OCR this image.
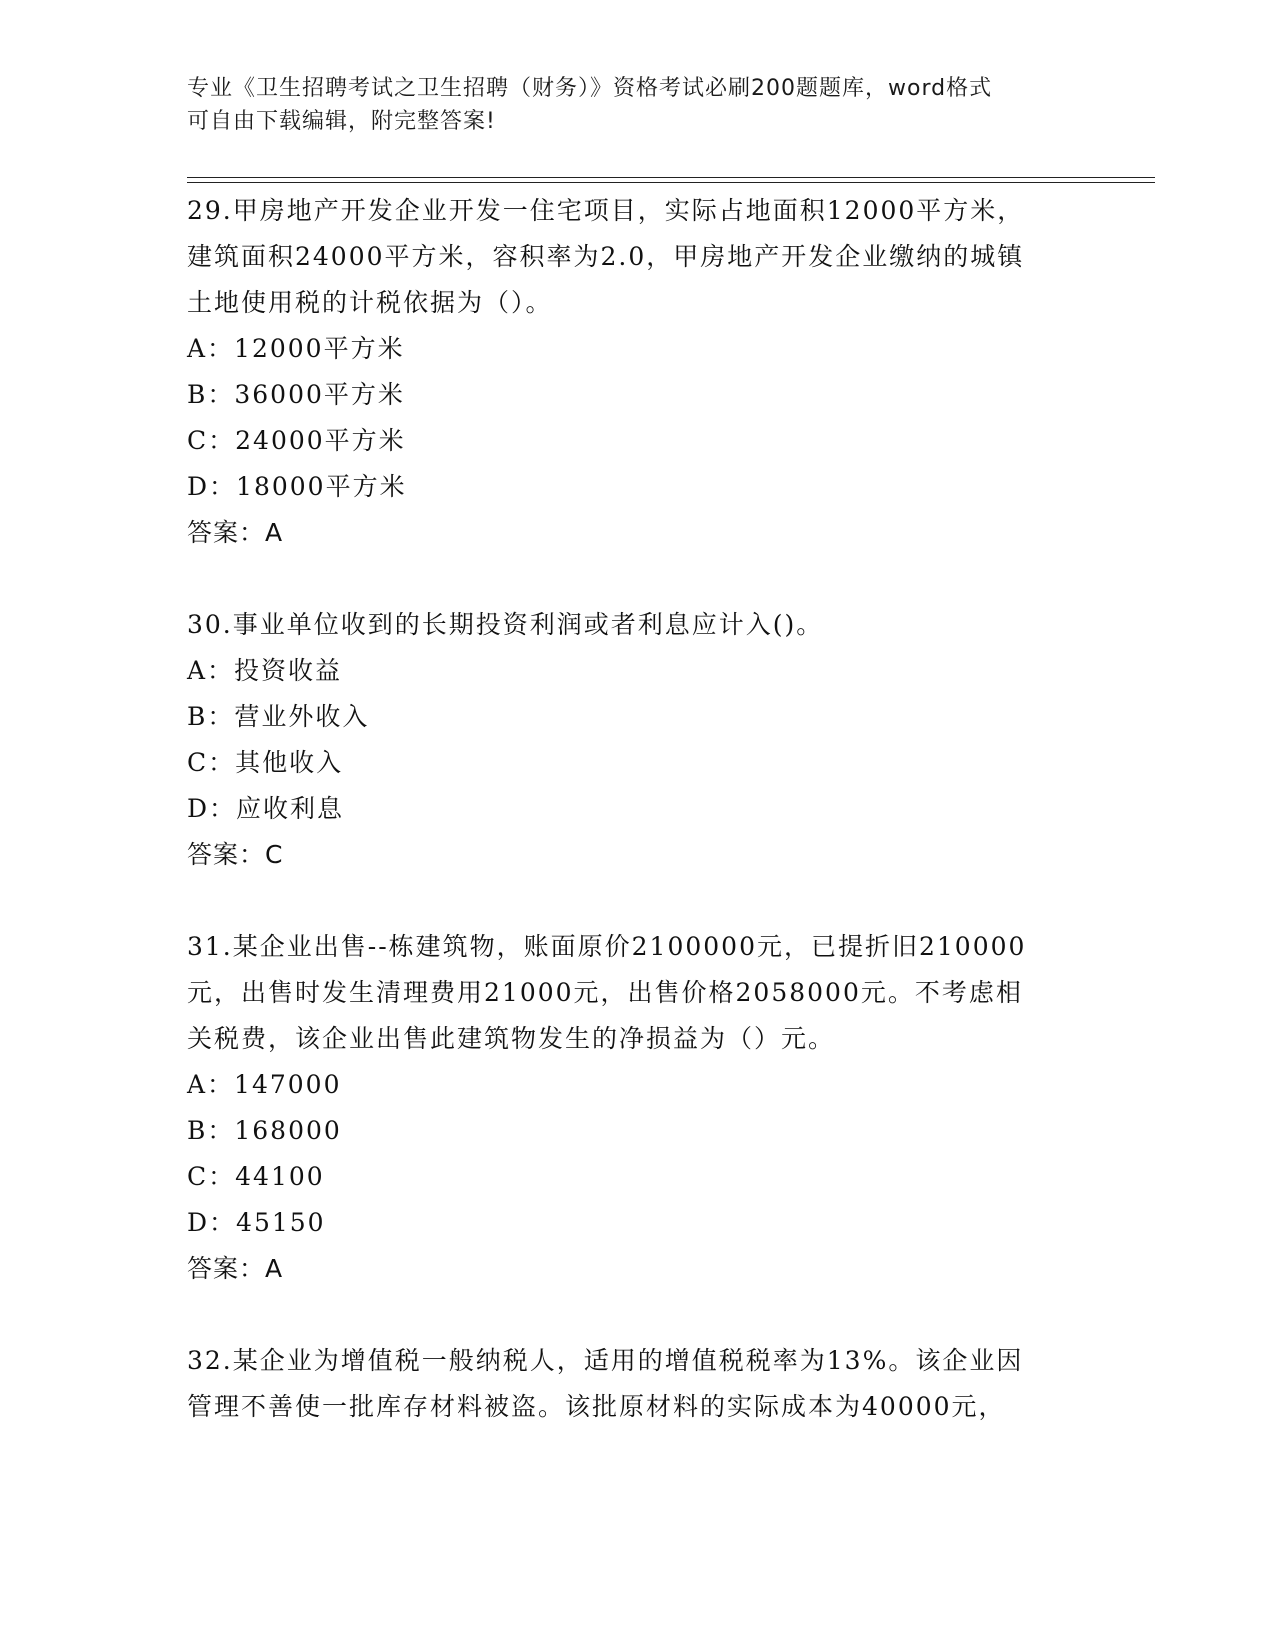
专业《卫生招聘考试之卫生招聘（财务）》资格考试必刷200题题库，word格式
可自由下载编辑，附完整答案!

29.甲房地产开发企业开发一住宅项目，实际占地面积12000平方米，

建筑面积24000平方米，容积率为2.0，甲房地产开发企业缴纳的城镇

土地使用税的计税依据为（）。

A：12000平方米

B：36000平方米

C：24000平方米

D：18000平方米

答案：A

30.事业单位收到的长期投资利润或者利息应计入()。

A：投资收益

B：营业外收入

C：其他收入

D：应收利息

答案：C

31.某企业出售--栋建筑物，账面原价2100000元，已提折旧210000

元，出售时发生清理费用21000元，出售价格2058000元。不考虑相

关税费，该企业出售此建筑物发生的净损益为（）元。

A：147000

B：168000

C：44100

D：45150

答案：A

32.某企业为增值税一般纳税人，适用的增值税税率为13%。该企业因

管理不善使一批库存材料被盗。该批原材料的实际成本为40000元，
